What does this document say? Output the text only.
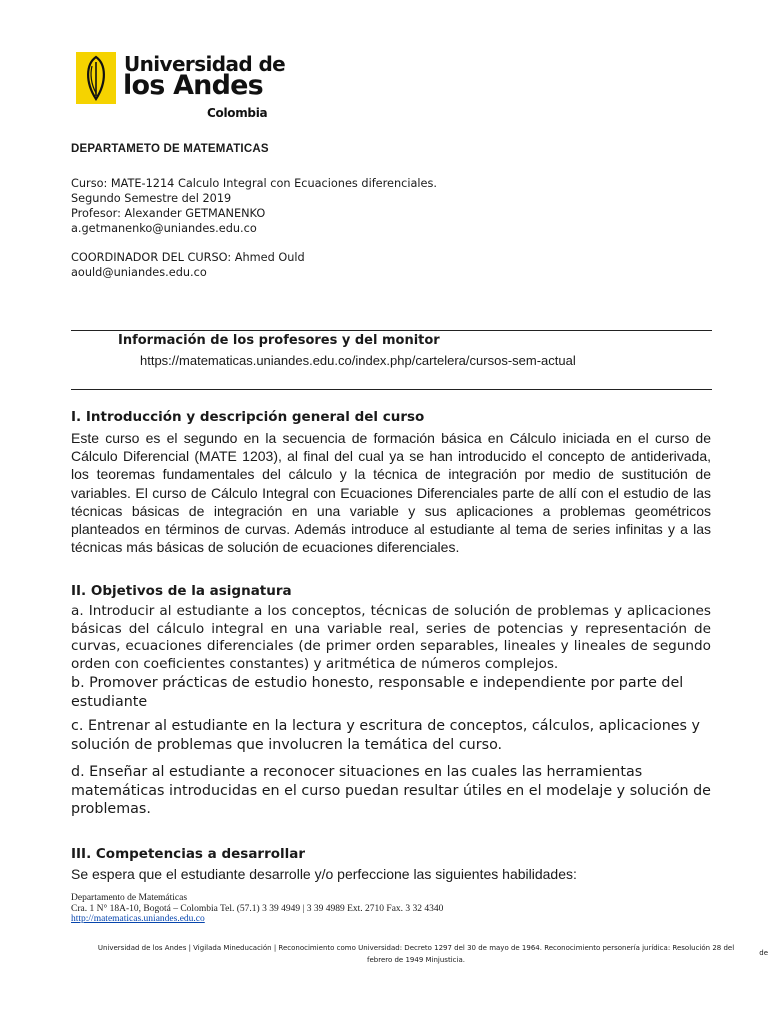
Universidad de
los Andes
Colombia
DEPARTAMETO DE MATEMATICAS
Curso: MATE-1214 Calculo Integral con Ecuaciones diferenciales.
Segundo Semestre del 2019
Profesor: Alexander GETMANENKO
a.getmanenko@uniandes.edu.co
COORDINADOR DEL CURSO: Ahmed Ould
aould@uniandes.edu.co
Información de los profesores y del monitor
https://matematicas.uniandes.edu.co/index.php/cartelera/cursos-sem-actual
I. Introducción y descripción general del curso
Este curso es el segundo en la secuencia de formación básica en Cálculo iniciada en el curso de Cálculo Diferencial (MATE 1203), al final del cual ya se han introducido el concepto de antiderivada, los teoremas fundamentales del cálculo y la técnica de integración por medio de sustitución de variables. El curso de Cálculo Integral con Ecuaciones Diferenciales parte de allí con el estudio de las técnicas básicas de integración en una variable y sus aplicaciones a problemas geométricos planteados en términos de curvas. Además introduce al estudiante al tema de series infinitas y a las técnicas más básicas de solución de ecuaciones diferenciales.
II. Objetivos de la asignatura
a. Introducir al estudiante a los conceptos, técnicas de solución de problemas y aplicaciones básicas del cálculo integral en una variable real, series de potencias y representación de curvas, ecuaciones diferenciales (de primer orden separables, lineales y lineales de segundo orden con coeficientes constantes) y aritmética de números complejos.
b. Promover prácticas de estudio honesto, responsable e independiente por parte del estudiante
c. Entrenar al estudiante en la lectura y escritura de conceptos, cálculos, aplicaciones y solución de problemas que involucren la temática del curso.
d. Enseñar al estudiante a reconocer situaciones en las cuales las herramientas matemáticas introducidas en el curso puedan resultar útiles en el modelaje y solución de problemas.
III. Competencias a desarrollar
Se espera que el estudiante desarrolle y/o perfeccione las siguientes habilidades:
Departamento de Matemáticas
Cra. 1 N° 18A-10, Bogotá – Colombia Tel. (57.1) 3 39 4949 | 3 39 4989 Ext. 2710 Fax. 3 32 4340
http://matematicas.uniandes.edu.co
Universidad de los Andes | Vigilada Mineducación | Reconocimiento como Universidad: Decreto 1297 del 30 de mayo de 1964. Reconocimiento personería jurídica: Resolución 28 del
de
febrero de 1949 Minjusticia.
